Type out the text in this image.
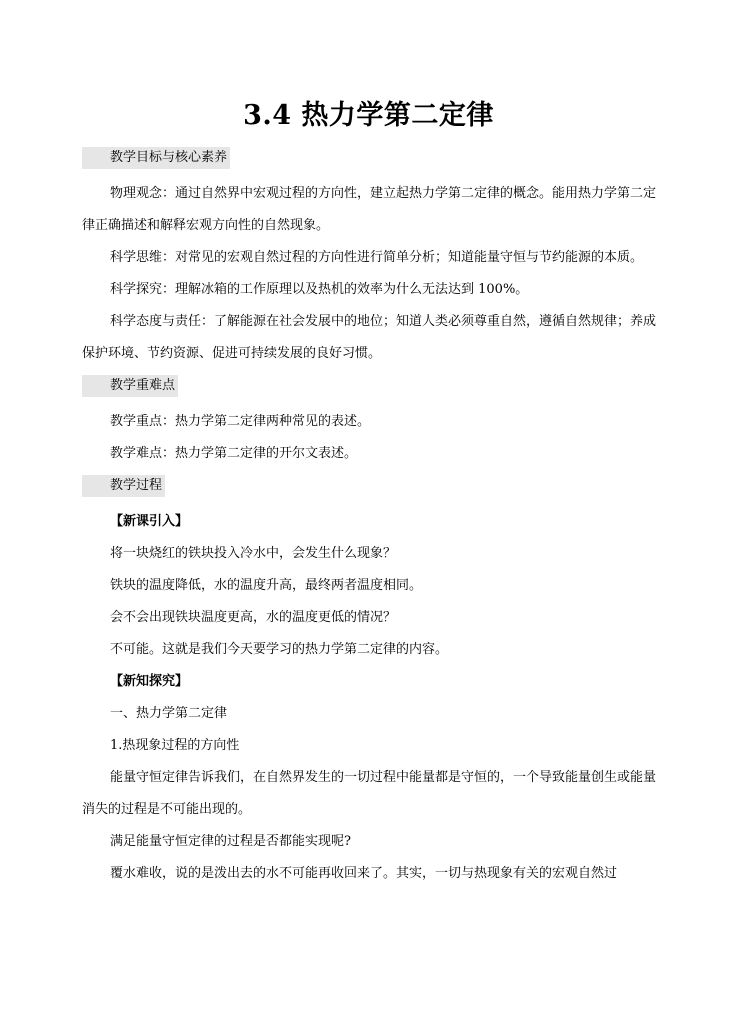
3.4 热力学第二定律
教学目标与核心素养

物理观念：通过自然界中宏观过程的方向性，建立起热力学第二定律的概念。能用热力学第二定律正确描述和解释宏观方向性的自然现象。

科学思维：对常见的宏观自然过程的方向性进行简单分析；知道能量守恒与节约能源的本质。

科学探究：理解冰箱的工作原理以及热机的效率为什么无法达到 100%。

科学态度与责任：了解能源在社会发展中的地位；知道人类必须尊重自然，遵循自然规律；养成保护环境、节约资源、促进可持续发展的良好习惯。

教学重难点

教学重点：热力学第二定律两种常见的表述。

教学难点：热力学第二定律的开尔文表述。

教学过程

【新课引入】

将一块烧红的铁块投入冷水中，会发生什么现象？

铁块的温度降低，水的温度升高，最终两者温度相同。

会不会出现铁块温度更高，水的温度更低的情况？

不可能。这就是我们今天要学习的热力学第二定律的内容。

【新知探究】

一、热力学第二定律

1.热现象过程的方向性

能量守恒定律告诉我们，在自然界发生的一切过程中能量都是守恒的，一个导致能量创生或能量消失的过程是不可能出现的。

满足能量守恒定律的过程是否都能实现呢?

覆水难收，说的是泼出去的水不可能再收回来了。其实，一切与热现象有关的宏观自然过
